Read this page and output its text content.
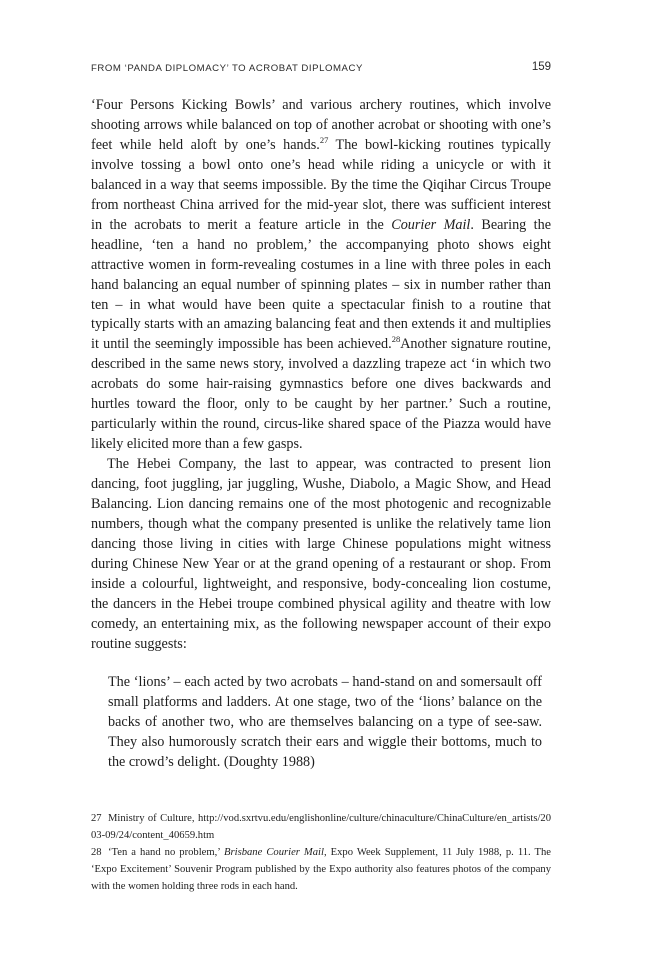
FROM ‘PANDA DIPLOMACY’ TO ACROBAT DIPLOMACY	159

‘Four Persons Kicking Bowls’ and various archery routines, which involve shooting arrows while balanced on top of another acrobat or shooting with one’s feet while held aloft by one’s hands.$^{27}$ The bowl-kicking routines typically involve tossing a bowl onto one’s head while riding a unicycle or with it balanced in a way that seems impossible. By the time the Qiqihar Circus Troupe from northeast China arrived for the mid-year slot, there was sufficient interest in the acrobats to merit a feature article in the Courier Mail. Bearing the headline, ‘ten a hand no problem,’ the accompanying photo shows eight attractive women in form-revealing costumes in a line with three poles in each hand balancing an equal number of spinning plates – six in number rather than ten – in what would have been quite a spectacular finish to a routine that typically starts with an amazing balancing feat and then extends it and multiplies it until the seemingly impossible has been achieved.$^{28}$Another signature routine, described in the same news story, involved a dazzling trapeze act ‘in which two acrobats do some hair-raising gymnastics before one dives backwards and hurtles toward the floor, only to be caught by her partner.’ Such a routine, particularly within the round, circus-like shared space of the Piazza would have likely elicited more than a few gasps.

The Hebei Company, the last to appear, was contracted to present lion dancing, foot juggling, jar juggling, Wushe, Diabolo, a Magic Show, and Head Balancing. Lion dancing remains one of the most photogenic and recognizable numbers, though what the company presented is unlike the relatively tame lion dancing those living in cities with large Chinese populations might witness during Chinese New Year or at the grand opening of a restaurant or shop. From inside a colourful, lightweight, and responsive, body-concealing lion costume, the dancers in the Hebei troupe combined physical agility and theatre with low comedy, an entertaining mix, as the following newspaper account of their expo routine suggests:

The ‘lions’ – each acted by two acrobats – hand-stand on and somersault off small platforms and ladders. At one stage, two of the ‘lions’ balance on the backs of another two, who are themselves balancing on a type of see-saw. They also humorously scratch their ears and wiggle their bottoms, much to the crowd’s delight. (Doughty 1988)

27 Ministry of Culture, http://vod.sxrtvu.edu/englishonline/culture/chinaculture/ChinaCulture/en_artists/2003-09/24/content_40659.htm

28 ‘Ten a hand no problem,’ Brisbane Courier Mail, Expo Week Supplement, 11 July 1988, p. 11. The ‘Expo Excitement’ Souvenir Program published by the Expo authority also features photos of the company with the women holding three rods in each hand.
